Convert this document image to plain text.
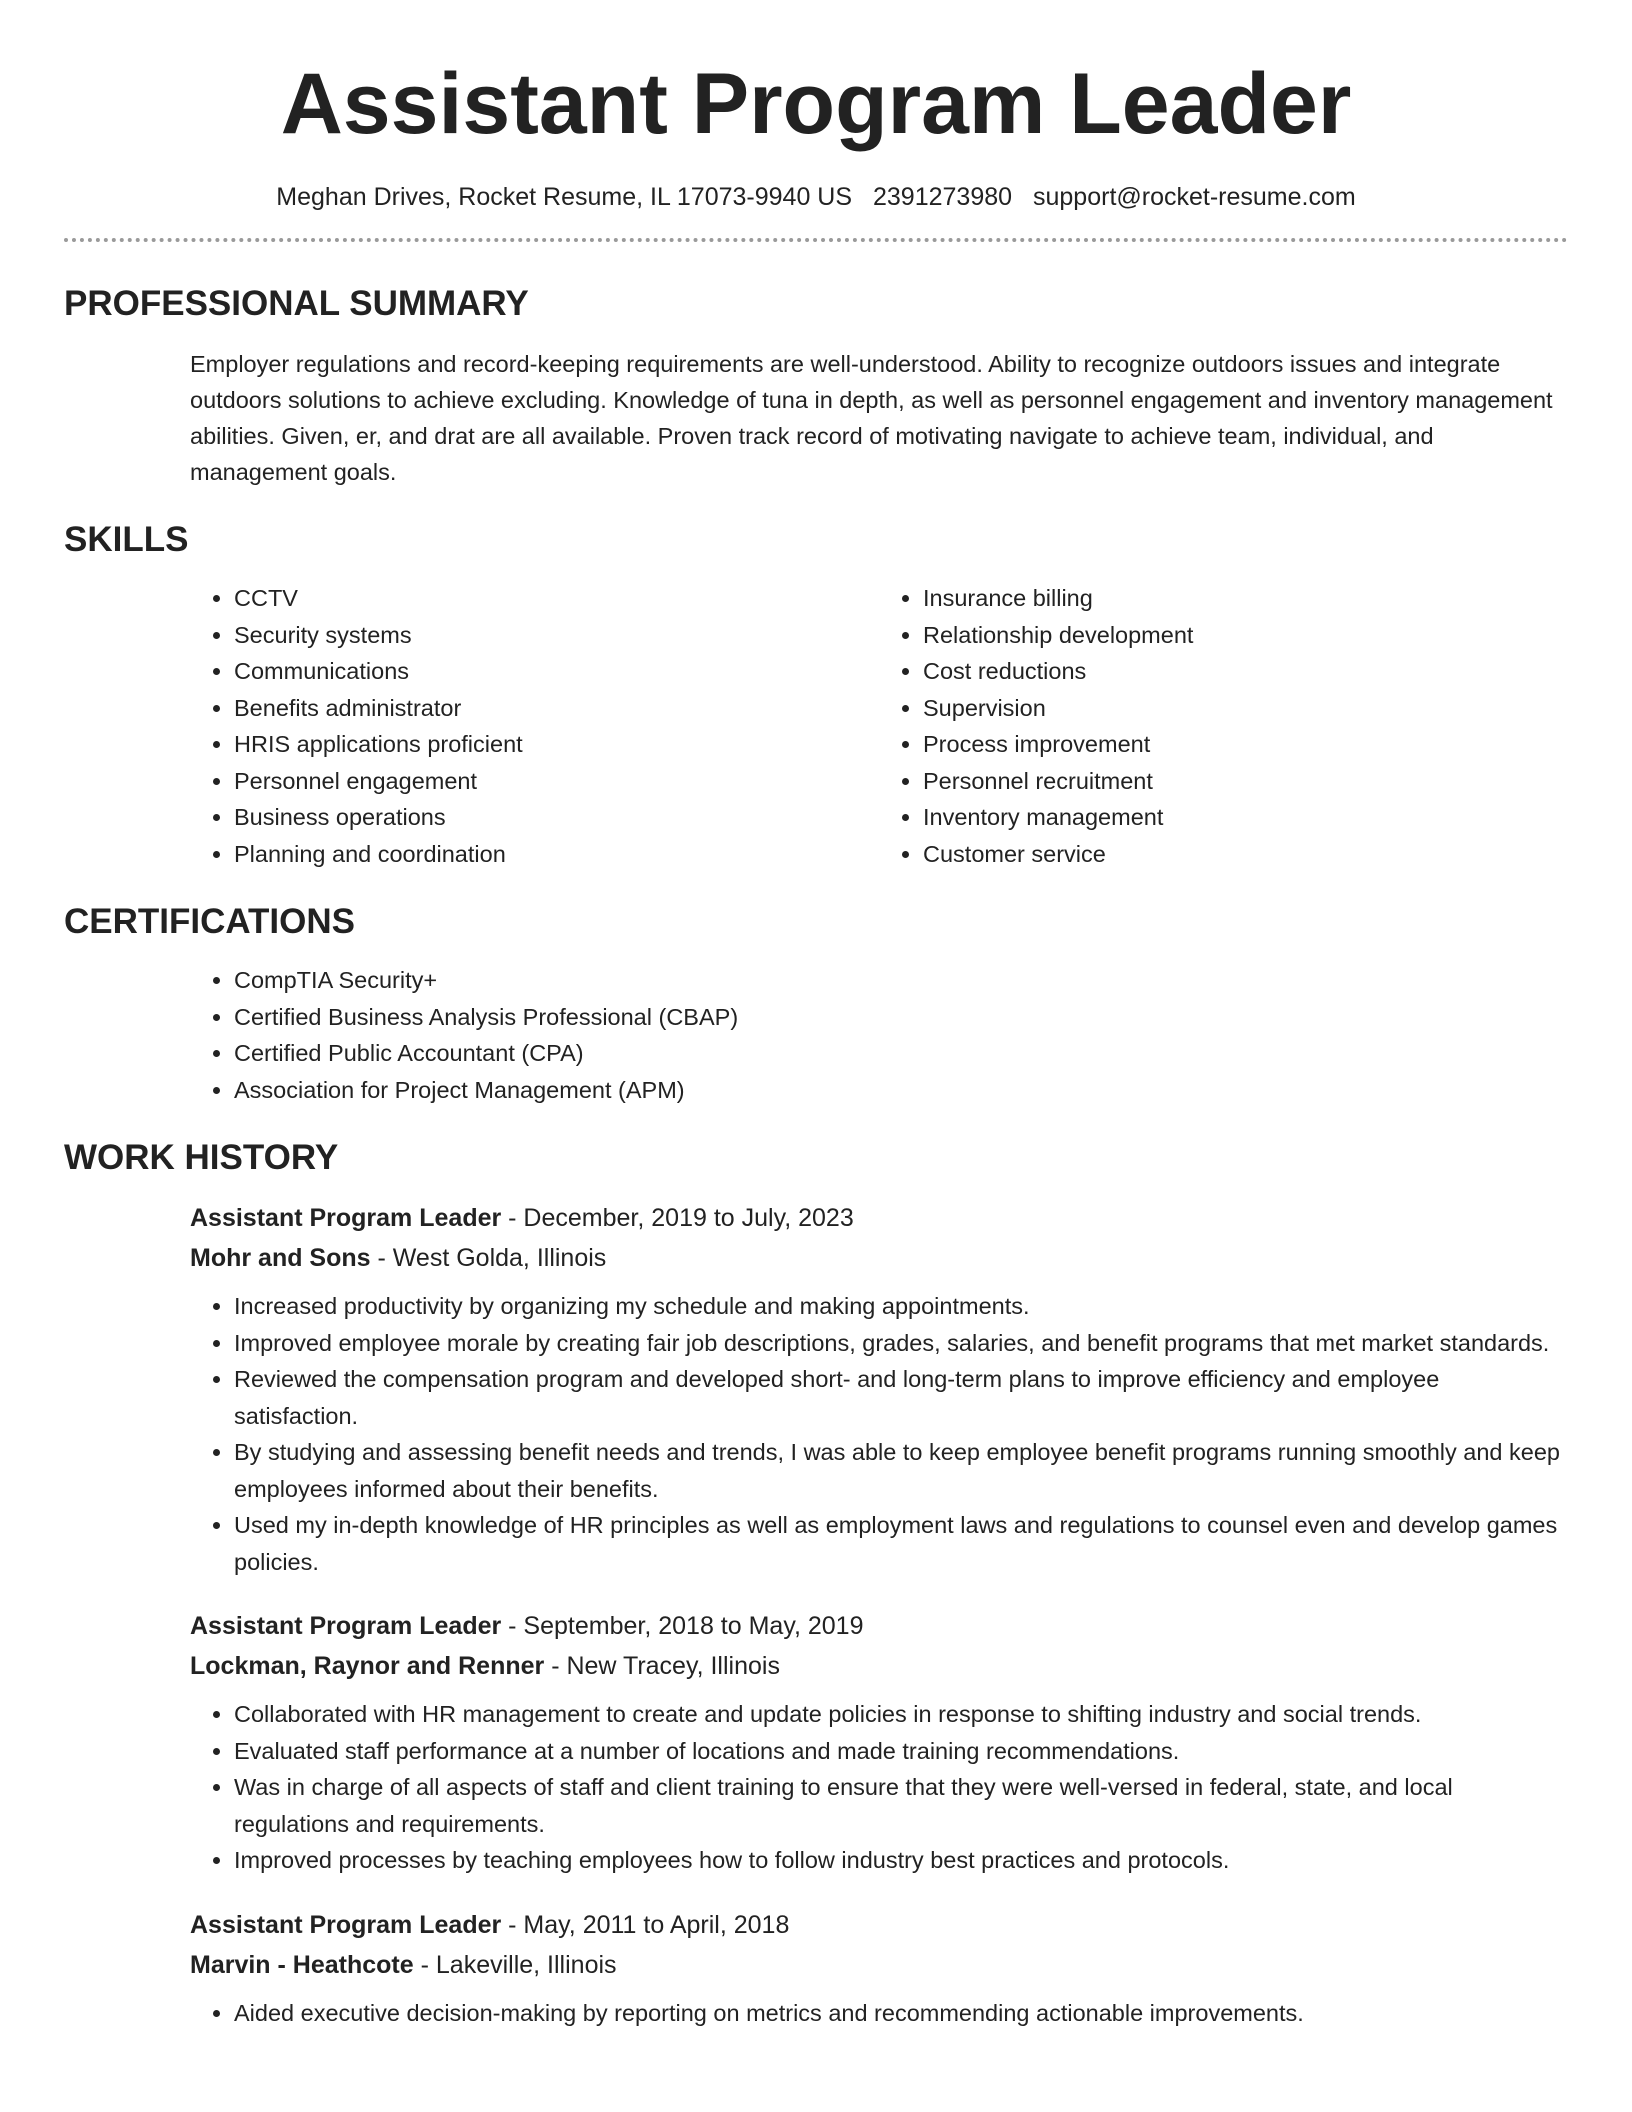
Assistant Program Leader
Meghan Drives, Rocket Resume, IL 17073-9940 US 2391273980 support@rocket-resume.com
PROFESSIONAL SUMMARY

Employer regulations and record-keeping requirements are well-understood. Ability to recognize outdoors issues and integrate outdoors solutions to achieve excluding. Knowledge of tuna in depth, as well as personnel engagement and inventory management abilities. Given, er, and drat are all available. Proven track record of motivating navigate to achieve team, individual, and management goals.

SKILLS
• CCTV
• Security systems
• Communications
• Benefits administrator
• HRIS applications proficient
• Personnel engagement
• Business operations
• Planning and coordination
• Insurance billing
• Relationship development
• Cost reductions
• Supervision
• Process improvement
• Personnel recruitment
• Inventory management
• Customer service
CERTIFICATIONS
• CompTIA Security+
• Certified Business Analysis Professional (CBAP)
• Certified Public Accountant (CPA)
• Association for Project Management (APM)
WORK HISTORY
Assistant Program Leader - December, 2019 to July, 2023
Mohr and Sons - West Golda, Illinois
• Increased productivity by organizing my schedule and making appointments.
• Improved employee morale by creating fair job descriptions, grades, salaries, and benefit programs that met market standards.
• Reviewed the compensation program and developed short- and long-term plans to improve efficiency and employee satisfaction.
• By studying and assessing benefit needs and trends, I was able to keep employee benefit programs running smoothly and keep employees informed about their benefits.
• Used my in-depth knowledge of HR principles as well as employment laws and regulations to counsel even and develop games policies.
Assistant Program Leader - September, 2018 to May, 2019
Lockman, Raynor and Renner - New Tracey, Illinois
• Collaborated with HR management to create and update policies in response to shifting industry and social trends.
• Evaluated staff performance at a number of locations and made training recommendations.
• Was in charge of all aspects of staff and client training to ensure that they were well-versed in federal, state, and local regulations and requirements.
• Improved processes by teaching employees how to follow industry best practices and protocols.
Assistant Program Leader - May, 2011 to April, 2018
Marvin - Heathcote - Lakeville, Illinois
• Aided executive decision-making by reporting on metrics and recommending actionable improvements.
